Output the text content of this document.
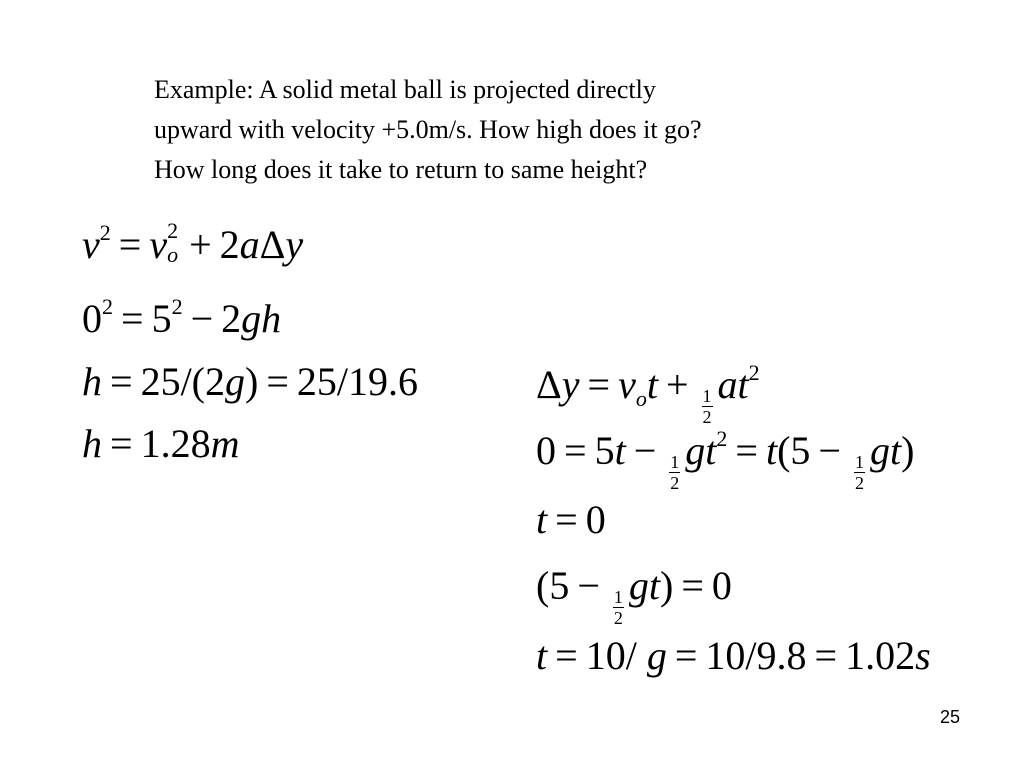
Example: A solid metal ball is projected directly
upward with velocity +5.0m/s. How high does it go?
How long does it take to return to same height?
v2 = v 2
o + 2aΔy
02 = 52 − 2gh
h = 25/(2g) = 25/19.6
h = 1.28m
Δy = vot + $\frac{1}{2} at2$
$0 = 5t - \frac{1}{2} gt2 = t(5 - \frac{1}{2} gt)$
t = 0
$(5 - \frac{1}{2} gt) = 0$
t = 10/ g = 10/9.8 = 1.02s
25
